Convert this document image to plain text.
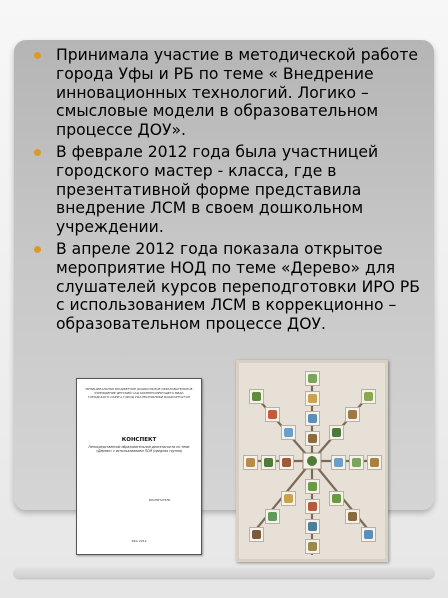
Принимала участие в методической работе города Уфы и РБ по теме « Внедрение инновационных технологий. Логико – смысловые модели в образовательном процессе ДОУ».
В феврале 2012 года была участницей городского мастер - класса, где в презентативной форме представила внедрение ЛСМ в своем дошкольном учреждении.
В апреле 2012 года показала открытое мероприятие НОД по теме «Дерево» для слушателей курсов переподготовки ИРО РБ с использованием ЛСМ в коррекционно – образовательном процессе ДОУ.
МУНИЦИПАЛЬНОЕ БЮДЖЕТНОЕ ДОШКОЛЬНОЕ ОБРАЗОВАТЕЛЬНОЕ УЧРЕЖДЕНИЕ ДЕТСКИЙ САД КОМПЕНСИРУЮЩЕГО ВИДА ГОРОДСКОГО ОКРУГА ГОРОД УФА РЕСПУБЛИКИ БАШКОРТОСТАН
КОНСПЕКТ
Непосредственной образовательной деятельности по теме «Дерево» с использованием ЛСМ (средняя группа)
ВОСПИТАТЕЛЬ
УФА 2012
